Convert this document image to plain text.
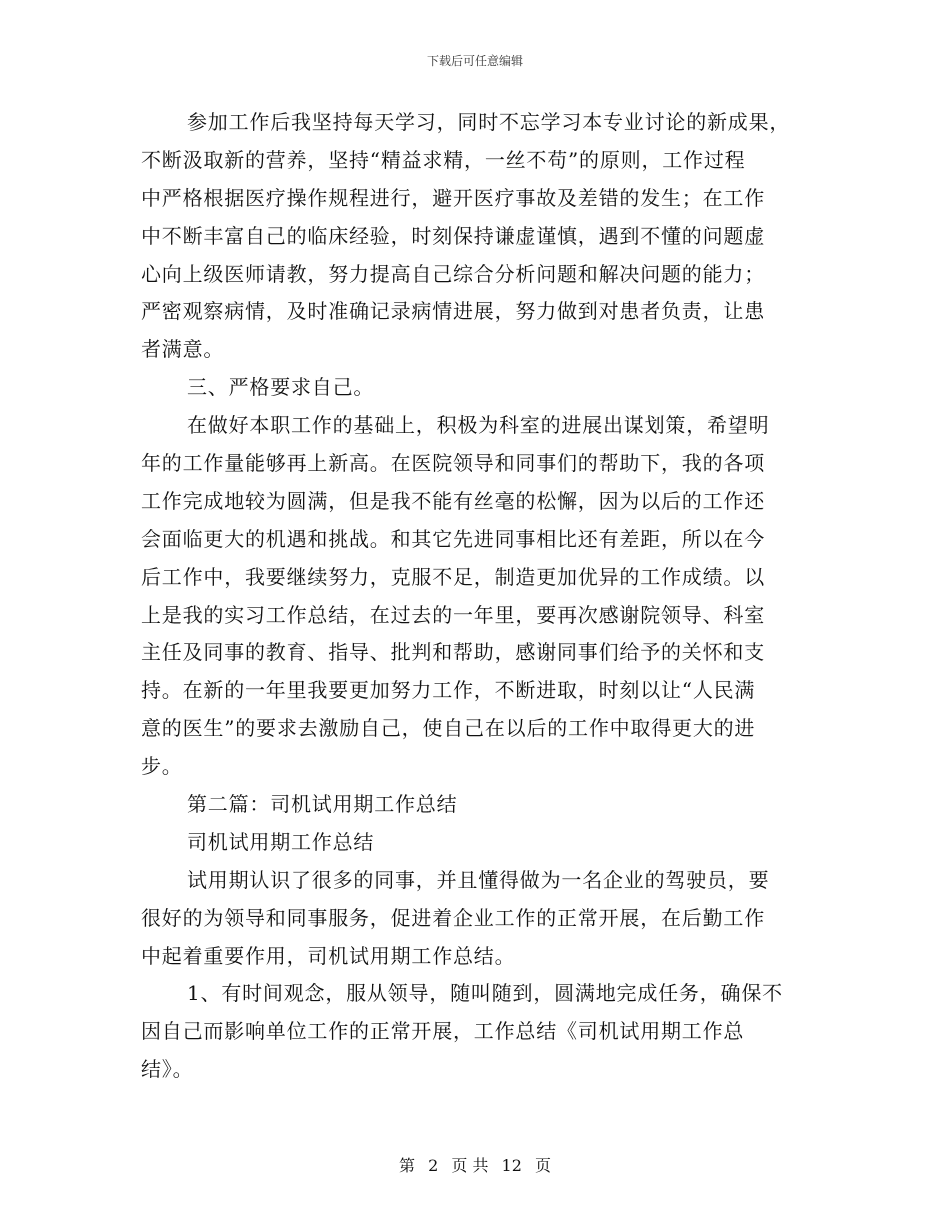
下载后可任意编辑
参加工作后我坚持每天学习，同时不忘学习本专业讨论的新成果，
不断汲取新的营养，坚持“精益求精，一丝不苟”的原则，工作过程
中严格根据医疗操作规程进行，避开医疗事故及差错的发生；在工作
中不断丰富自己的临床经验，时刻保持谦虚谨慎，遇到不懂的问题虚
心向上级医师请教，努力提高自己综合分析问题和解决问题的能力；
严密观察病情，及时准确记录病情进展，努力做到对患者负责，让患
者满意。
三、严格要求自己。
在做好本职工作的基础上，积极为科室的进展出谋划策，希望明
年的工作量能够再上新高。在医院领导和同事们的帮助下，我的各项
工作完成地较为圆满，但是我不能有丝毫的松懈，因为以后的工作还
会面临更大的机遇和挑战。和其它先进同事相比还有差距，所以在今
后工作中，我要继续努力，克服不足，制造更加优异的工作成绩。以
上是我的实习工作总结，在过去的一年里，要再次感谢院领导、科室
主任及同事的教育、指导、批判和帮助，感谢同事们给予的关怀和支
持。在新的一年里我要更加努力工作，不断进取，时刻以让“人民满
意的医生”的要求去激励自己，使自己在以后的工作中取得更大的进
步。
第二篇：司机试用期工作总结
司机试用期工作总结
试用期认识了很多的同事，并且懂得做为一名企业的驾驶员，要
很好的为领导和同事服务，促进着企业工作的正常开展，在后勤工作
中起着重要作用，司机试用期工作总结。
1、有时间观念，服从领导，随叫随到，圆满地完成任务，确保不
因自己而影响单位工作的正常开展，工作总结《司机试用期工作总
结》。
第 2 页 共 12 页
